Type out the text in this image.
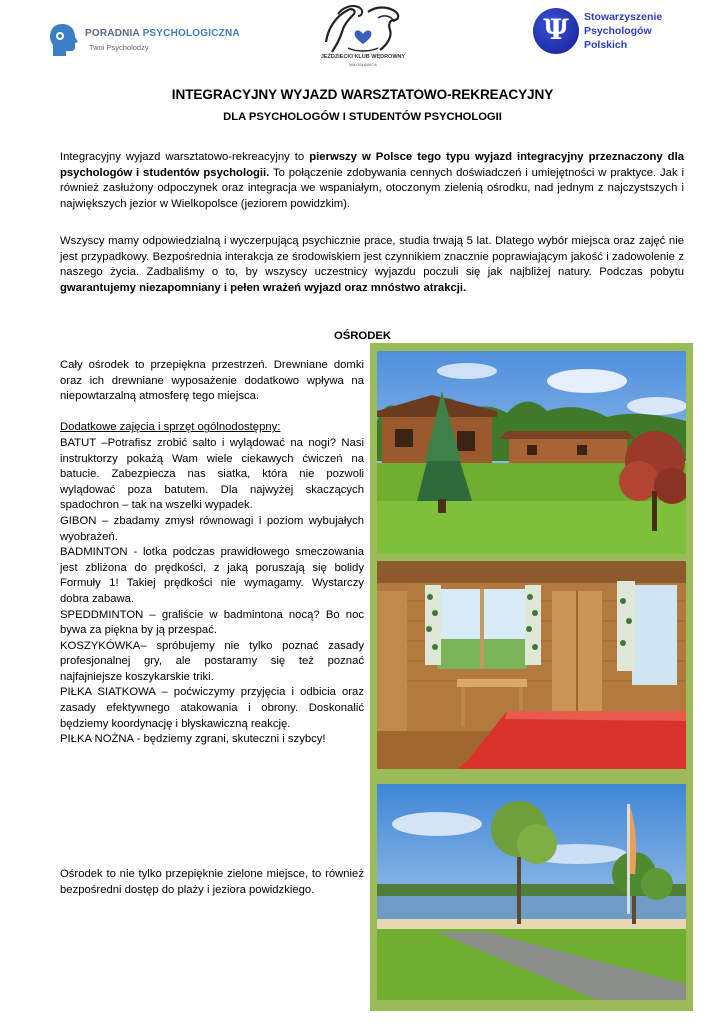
PORADNIA PSYCHOLOGICZNA
Twoi Psycholodzy
JEŹDZIECKI KLUB WĘDROWNY
MIŁOSŁAWICA
Ψ	Stowarzyszenie
Psychologów
Polskich
INTEGRACYJNY WYJAZD WARSZTATOWO-REKREACYJNY
DLA PSYCHOLOGÓW I STUDENTÓW PSYCHOLOGII

Integracyjny wyjazd warsztatowo-rekreacyjny to pierwszy w Polsce tego typu wyjazd integracyjny przeznaczony dla psychologów i studentów psychologii. To połączenie zdobywania cennych doświadczeń i umiejętności w praktyce. Jak i również zasłużony odpoczynek oraz integracja we wspaniałym, otoczonym zielenią ośrodku, nad jednym z najczystszych i największych jezior w Wielkopolsce (jeziorem powidzkim).

Wszyscy mamy odpowiedzialną i wyczerpującą psychicznie prace, studia trwają 5 lat. Dlatego wybór miejsca oraz zajęć nie jest przypadkowy. Bezpośrednia interakcja ze środowiskiem jest czynnikiem znacznie poprawiającym jakość i zadowolenie z naszego życia. Zadbaliśmy o to, by wszyscy uczestnicy wyjazdu poczuli się jak najbliżej natury. Podczas pobytu gwarantujemy niezapomniany i pełen wrażeń wyjazd oraz mnóstwo atrakcji.

OŚRODEK

Cały ośrodek to przepiękna przestrzeń. Drewniane domki oraz ich drewniane wyposażenie dodatkowo wpływa na niepowtarzalną atmosferę tego miejsca.

Dodatkowe zajęcia i sprzęt ogólnodostępny:

BATUT –Potrafisz zrobić salto i wylądować na nogi? Nasi instruktorzy pokażą Wam wiele ciekawych ćwiczeń na batucie. Zabezpiecza nas siatka, która nie pozwoli wylądować poza batutem. Dla najwyżej skaczących spadochron – tak na wszelki wypadek.

GIBON – zbadamy zmysł równowagi i poziom wybujałych wyobrażeń.

BADMINTON - lotka podczas prawidłowego smeczowania jest zbliżona do prędkości, z jaką poruszają się bolidy Formuły 1! Takiej prędkości nie wymagamy. Wystarczy dobra zabawa.

SPEDDMINTON – graliście w badmintona nocą? Bo noc bywa za piękna by ją przespać.

KOSZYKÓWKA– spróbujemy nie tylko poznać zasady profesjonalnej gry, ale postaramy się też poznać najfajniejsze koszykarskie triki.

PIŁKA SIATKOWA – poćwiczymy przyjęcia i odbicia oraz zasady efektywnego atakowania i obrony. Doskonalić będziemy koordynację i błyskawiczną reakcję.

PIŁKA NOŻNA - będziemy zgrani, skuteczni i szybcy!

Ośrodek to nie tylko przepięknie zielone miejsce, to również bezpośredni dostęp do plaży i jeziora powidzkiego.
